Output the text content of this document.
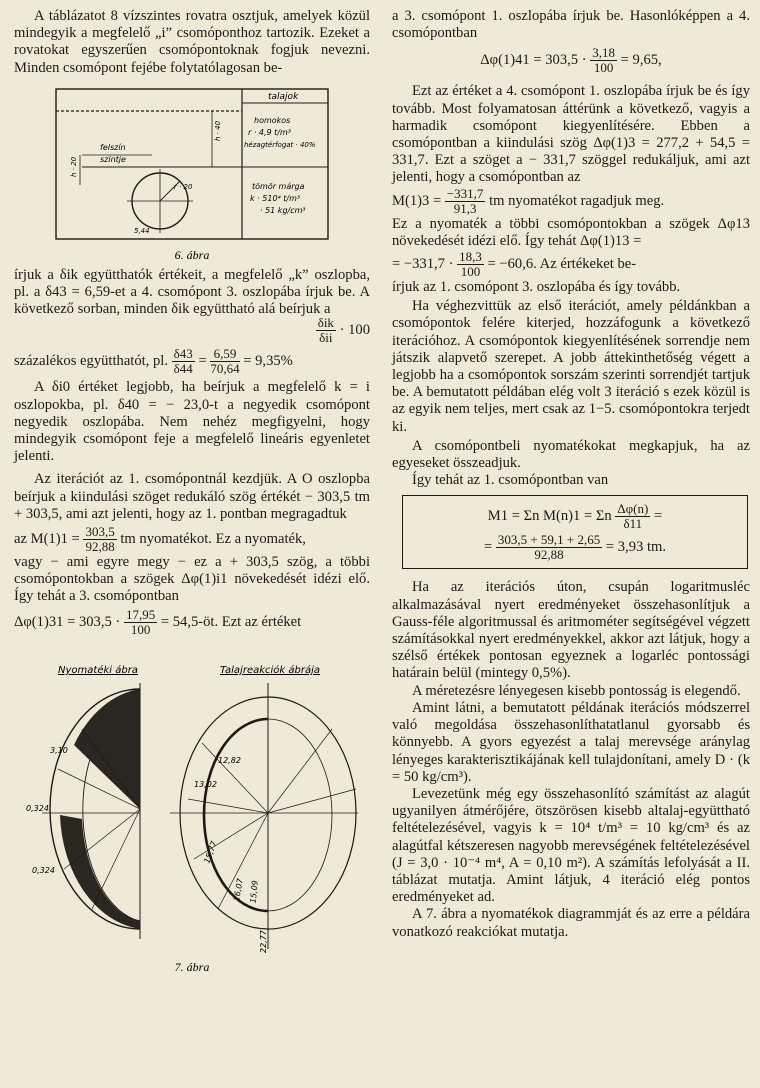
A táblázatot 8 vízszintes rovatra osztjuk, amelyek közül mindegyik a megfelelő „i” csomóponthoz tartozik. Ezeket a rovatokat egyszerűen csomópontoknak fogjuk nevezni. Minden csomópont fejébe folytatólagosan be-

talajok
homokos
r · 4,9 t/m³
hézagtérfogat · 40%
felszín
szintje
tömör márga
k · 510⁴ t/m³
· 51 kg/cm³
h · 40
h · 20
r · 20
5,44
6. ábra

írjuk a δik együtthatók értékeit, a megfelelő „k” oszlopba, pl. a δ43 = 6,59-et a 4. csomópont 3. oszlopába írjuk be. A következő sorban, minden δik együttható alá beírjuk a

$\frac{\text{δik}}{\text{δii}} \cdot 100$

százalékos együtthatót, pl. $\frac{\delta 43}{\delta 44} = \frac{6,59}{70,64} = 9,35\%$

A δi0 értéket legjobb, ha beírjuk a megfelelő k = i oszlopokba, pl. δ40 = − 23,0-t a negyedik csomópont negyedik oszlopába. Nem nehéz megfigyelni, hogy mindegyik csomópont feje a megfelelő lineáris egyenletet jelenti.

Az iterációt az 1. csomópontnál kezdjük. A O oszlopba beírjuk a kiindulási szöget redukáló szög értékét − 303,5 tm + 303,5, ami azt jelenti, hogy az 1. pontban megragadtuk

az $M(1)1 = \frac{303,5}{92,88}$ tm nyomatékot. Ez a nyomaték,

vagy − ami egyre megy − ez a + 303,5 szög, a többi csomópontokban a szögek Δφ(1)i1 növekedését idézi elő. Így tehát a 3. csomópontban

$\Delta\varphi(1)31 = 303,5 \cdot \frac{17,95}{100}$ = 54,5-öt. Ezt az értéket

Nyomatéki ábra	Talajreakciók ábrája
3,10
0,324
0,324
12,82
13,02
15,77
16,07 15,09
22,77
7. ábra

a 3. csomópont 1. oszlopába írjuk be. Hasonlóképpen a 4. csomópontban

$\Delta\varphi(1)41 = 303,5 \cdot \frac{3,18}{100} = 9,65$,

Ezt az értéket a 4. csomópont 1. oszlopába írjuk be és így tovább. Most folyamatosan áttérünk a következő, vagyis a harmadik csomópont kiegyenlítésére. Ebben a csomópontban a kiindulási szög Δφ(1)3 = 277,2 + 54,5 = 331,7. Ezt a szöget a − 331,7 szöggel redukáljuk, ami azt jelenti, hogy a csomópontban az

$M(1)3 = \frac{-331,7}{91,3}$ tm nyomatékot ragadjuk meg.

Ez a nyomaték a többi csomópontokban a szögek Δφ13 növekedését idézi elő. Így tehát Δφ(1)13 =

= $-331,7 \cdot \frac{18,3}{100} = -60,6$. Az értékeket be-

írjuk az 1. csomópont 3. oszlopába és így tovább.

Ha véghezvittük az első iterációt, amely példánkban a csomópontok felére kiterjed, hozzáfogunk a következő iterációhoz. A csomópontok kiegyenlítésének sorrendje nem játszik alapvető szerepet. A jobb áttekinthetőség végett a legjobb ha a csomópontok sorszám szerinti sorrendjét tartjuk be. A bemutatott példában elég volt 3 iteráció s ezek közül is az egyik nem teljes, mert csak az 1−5. csomópontokra terjedt ki.

A csomópontbeli nyomatékokat megkapjuk, ha az egyeseket összeadjuk.

Így tehát az 1. csomópontban van

M1 = Σn M(n)1 = Σn $\frac{\Delta\varphi(n)}{\delta 11}$ =

= $\frac{303,5 + 59,1 + 2,65}{92,88} = 3,93$ tm.

Ha az iterációs úton, csupán logaritmusléc alkalmazásával nyert eredményeket összehasonlítjuk a Gauss-féle algoritmussal és aritmométer segítségével végzett számításokkal nyert eredményekkel, akkor azt látjuk, hogy a szélső értékek pontosan egyeznek a logarléc pontossági határain belül (mintegy 0,5%).

A méretezésre lényegesen kisebb pontosság is elegendő.

Amint látni, a bemutatott példának iterációs módszerrel való megoldása összehasonlíthatatlanul gyorsabb és könnyebb. A gyors egyezést a talaj merevsége aránylag lényeges karakterisztikájának kell tulajdonítani, amely D · (k = 50 kg/cm³).

Levezetünk még egy összehasonlító számítást az alagút ugyanilyen átmérőjére, ötszörösen kisebb altalaj-együttható feltételezésével, vagyis k = 10⁴ t/m³ = 10 kg/cm³ és az alagútfal kétszeresen nagyobb merevségének feltételezésével (J = 3,0 · 10⁻⁴ m⁴, A = 0,10 m²). A számítás lefolyását a II. táblázat mutatja. Amint látjuk, 4 iteráció elég pontos eredményeket ad.

A 7. ábra a nyomatékok diagrammját és az erre a példára vonatkozó reakciókat mutatja.
